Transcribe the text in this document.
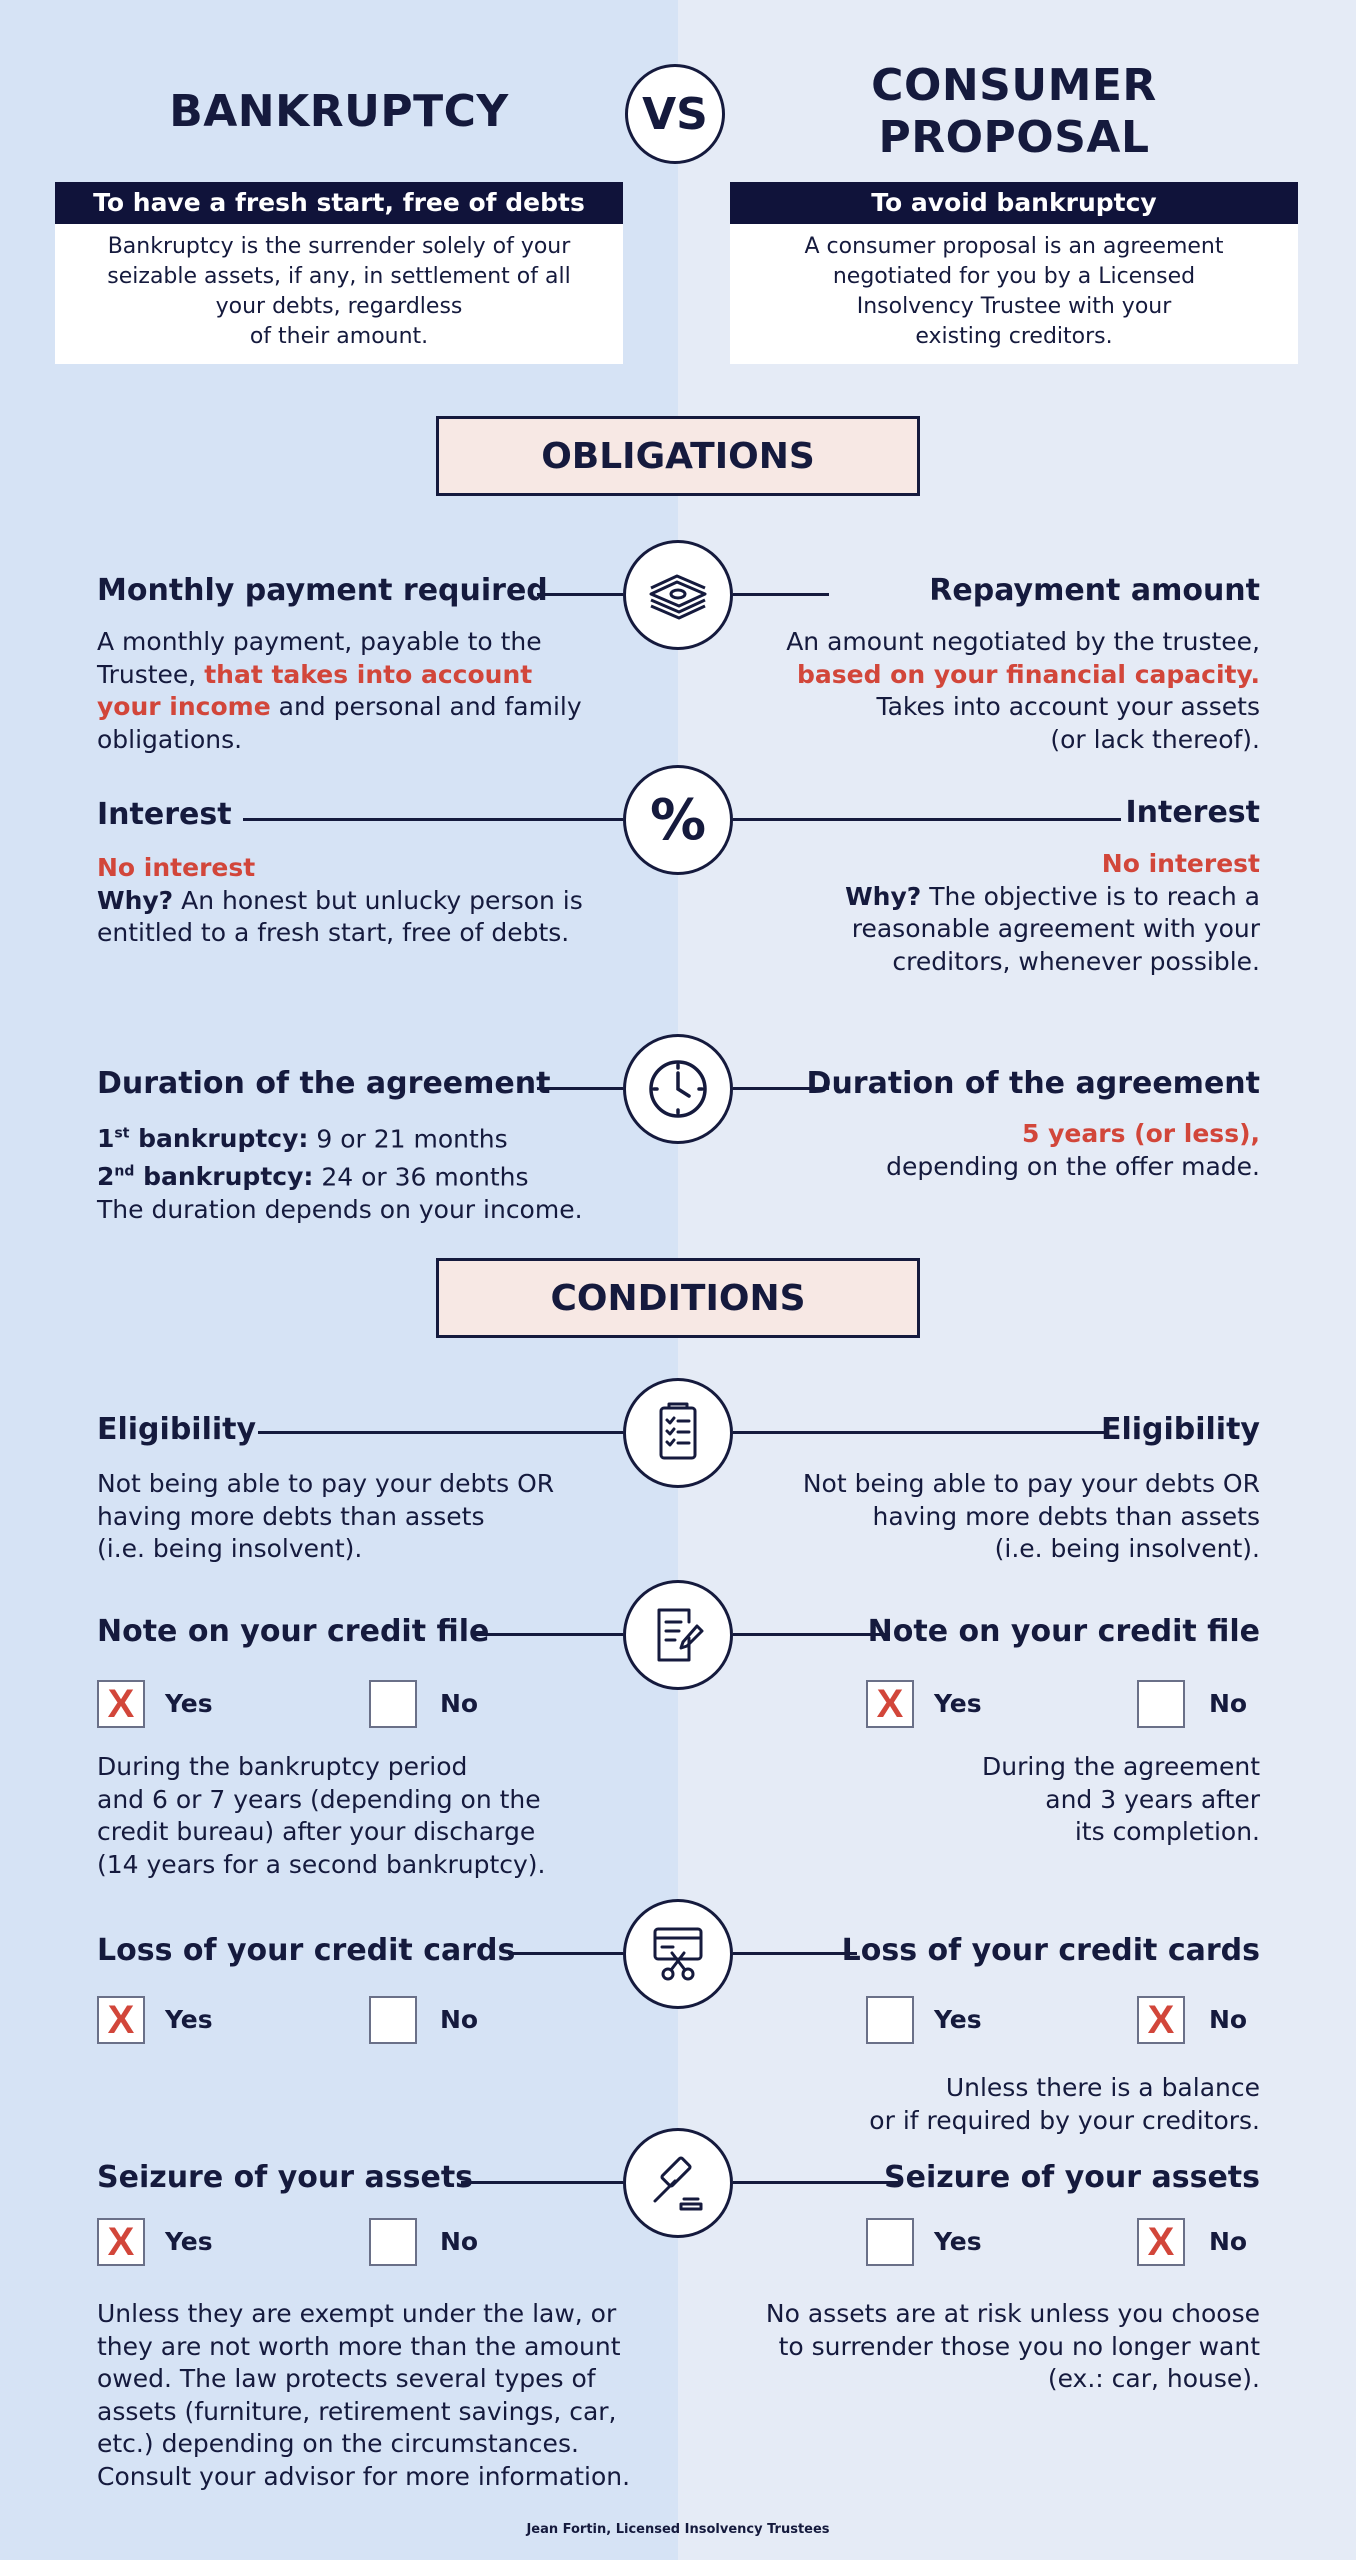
BANKRUPTCY	VS
CONSUMER
PROPOSAL
To have a fresh start, free of debts
Bankruptcy is the surrender solely of your
seizable assets, if any, in settlement of all
your debts, regardless
of their amount.
To avoid bankruptcy
A consumer proposal is an agreement
negotiated for you by a Licensed
Insolvency Trustee with your
existing creditors.
OBLIGATIONS
Monthly payment required	Repayment amount
A monthly payment, payable to the
Trustee, that takes into account
your income and personal and family
obligations.
An amount negotiated by the trustee,
based on your financial capacity.
Takes into account your assets
(or lack thereof).
%
Interest	Interest
No interest
Why? An honest but unlucky person is
entitled to a fresh start, free of debts.
No interest
Why? The objective is to reach a
reasonable agreement with your
creditors, whenever possible.
Duration of the agreement	Duration of the agreement
1st bankruptcy: 9 or 21 months
2nd bankruptcy: 24 or 36 months
The duration depends on your income.
5 years (or less),
depending on the offer made.
CONDITIONS
Eligibility	Eligibility
Not being able to pay your debts OR
having more debts than assets
(i.e. being insolvent).
Not being able to pay your debts OR
having more debts than assets
(i.e. being insolvent).
Note on your credit file	Note on your credit file
X	Yes	No	X	Yes	No
During the bankruptcy period
and 6 or 7 years (depending on the
credit bureau) after your discharge
(14 years for a second bankruptcy).
During the agreement
and 3 years after
its completion.
Loss of your credit cards	Loss of your credit cards
X	Yes	No	Yes	X	No
Unless there is a balance
or if required by your creditors.
Seizure of your assets	Seizure of your assets
X	Yes	No	Yes	X	No
Unless they are exempt under the law, or
they are not worth more than the amount
owed. The law protects several types of
assets (furniture, retirement savings, car,
etc.) depending on the circumstances.
Consult your advisor for more information.
No assets are at risk unless you choose
to surrender those you no longer want
(ex.: car, house).
Jean Fortin, Licensed Insolvency Trustees
